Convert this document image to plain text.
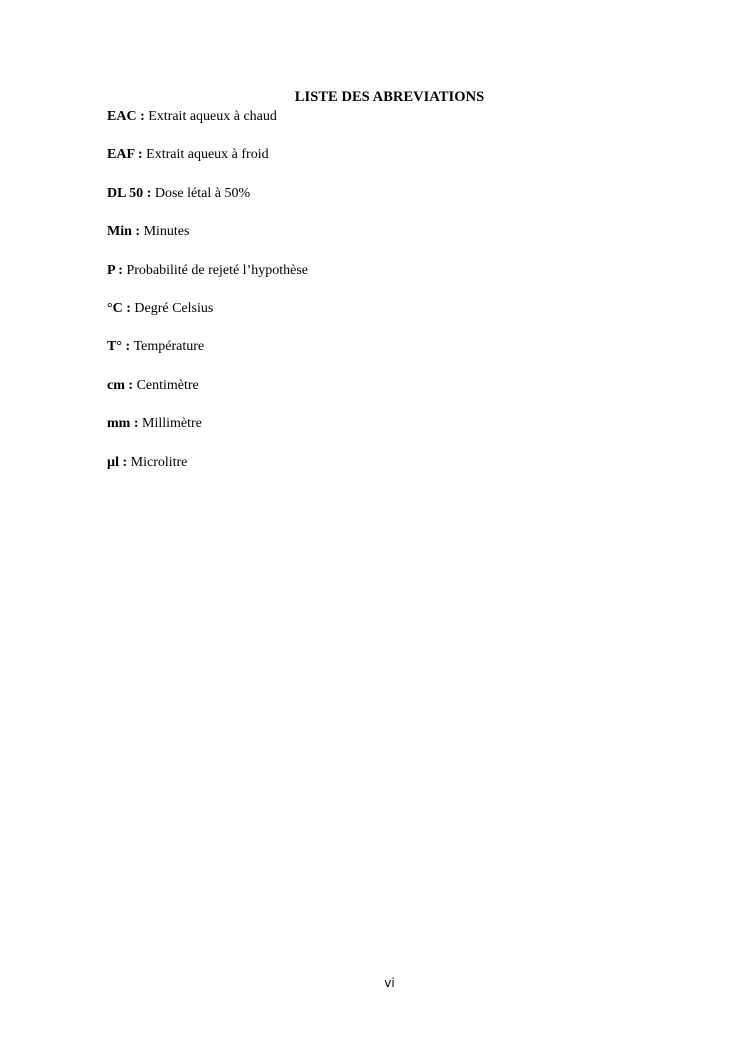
LISTE DES ABREVIATIONS
EAC : Extrait aqueux à chaud
EAF : Extrait aqueux à froid
DL 50 : Dose létal à 50%
Min : Minutes
P : Probabilité de rejeté l’hypothèse
°C : Degré Celsius
T° : Température
cm : Centimètre
mm : Millimètre
µl : Microlitre

vi
